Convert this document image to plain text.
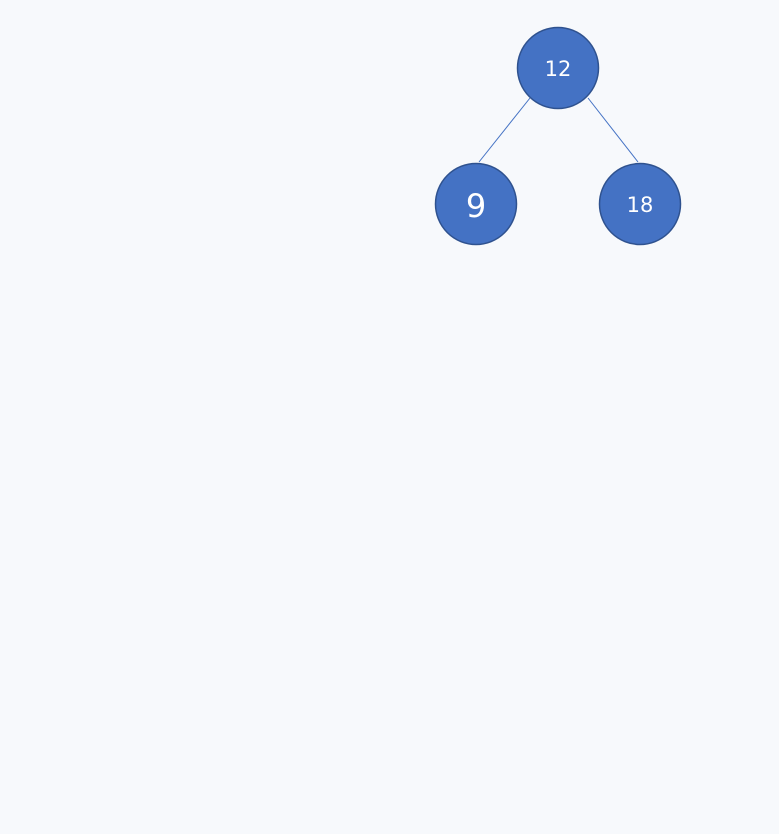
12
9	18
